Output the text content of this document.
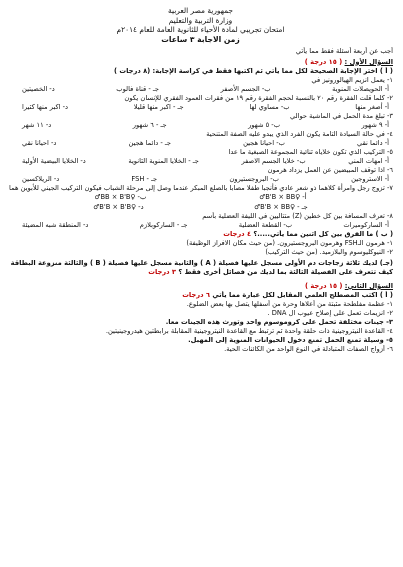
جمهورية مصر العربية
وزارة التربية والتعليم
امتحان تجريبي لمادة الأحياء للثانوية العامة للعام ٢٠١٤م
زمن الاجابة ٣ ساعات
أجب عن أربعة أسئلة فقط مما يأتي
السؤال الأول : ( ١٥ درجة )
( أ ) اختر الإجابة الصحيحة لكل مما يأتي ثم اكتبها فقط في كراسة الإجابة: (٨ درجات )
١- يعمل انزيم الهيالورونيز في
أ- الحويصلات المنوية
ب- الجسم الأصفر
جـ - قناة فالوب
د- الخصيتين
٢- كلما قلت الفقرة رقم ٢٠ بالنسبة لحجم الفقرة رقم ١٩ من فقرات العمود الفقري للإنسان يكون
أ- أصغر منها
ب- مساوي لها
جـ - اكبر منها قليلا
د- اكبر منها كثيرا
٣- تبلغ مدة الحمل في الماشية حوالي
أ- ٩ شهور
ب- ٥ شهور
جـ - ٦ شهور
د- ١١ شهر
٤- في حالة السيادة التامة يكون الفرد الذي يبدو عليه الصفة المتنحية
أ- دائما نقي
ب- احيانا هجين
جـ - دائما هجين
د- احيانا نقي
٥- التركيب الذي تكون خلاياه ثنائية المجموعة الصبغية ما عدا
أ- امهات المني
ب- خلايا الجسم الاصفر
جـ - الخلايا المنوية الثانوية
د- الخلايا البيضية الأولية
٦- اذا توقف المبيضين عن العمل يزداد هرمون
أ- الاستروجين
ب- البروجستيرون
جـ - FSH
د- الريلاكسين
٧- تزوج رجل وامرأة كلاهما ذو شعر عادي فأنجبا طفلا مصابا بالصلع المبكر عندما وصل إلى مرحلة الشباب فيكون التركيب الجيني للأبوين هما
أ- ♀B'B × BB♂
ب- ♀BB × B'B♂
جـ - ♀B'B × BB♂
د- ♀B'B × B'B♂
٨- تعرف المسافة بين كل خطين (Z) متتاليين في الليفة العضلية بأسم
أ- الساركوميرات
ب- القطعة العضلية
جـ - الساركوبلازم
د- المنطقة شبه المضيئة
( ب ) ما الفرق بين كل اثنين مما يأتي.....؟ ٤ درجات
١- هرمون الـFSH وهرمون البروجستيرون. (من حيث مكان الافراز الوظيفة)
٢- النيوكليوسوم والبلازميد. (من حيث التركيب)
(جـ) لديك ثلاثة زجاجات دم الأولى مسجل عليها فصيلة ( A ) والثانية مسجل عليها فصيلة ( B ) والثالثة منزوعة البطاقة كيف تتعرف على الفصيلة الثالثة بما لديك من فصائل أخرى فقط ؟ ٣ درجات
السؤال الثاني: ( ١٥ درجة )
( أ ) اكتب المصطلح العلمي المقابل لكل عبارة مما يأتي ٦ درجات
١- عظمة مفلطحة مثبتة من أعلاها وحرة من أسفلها يتصل بها بعض الضلوع.
٢- انزيمات تعمل على إصلاح عيوب ال DNA .
٣- جينات مختلفة تحمل على كروموسوم واحد وتورث هذه الجينات معا.
٤- القاعدة النيتروجينية ذات حلقة واحدة ثم ترتبط مع القاعدة النيتروجينية المقابلة برابطتين هيدروجينيتين.
٥- وسيلة تمنع الحمل تمنع دخول الحيوانات المنوية إلى المهبل.
٦- أزواج الصفات المتبادلة في النوع الواحد من الكائنات الحية.
